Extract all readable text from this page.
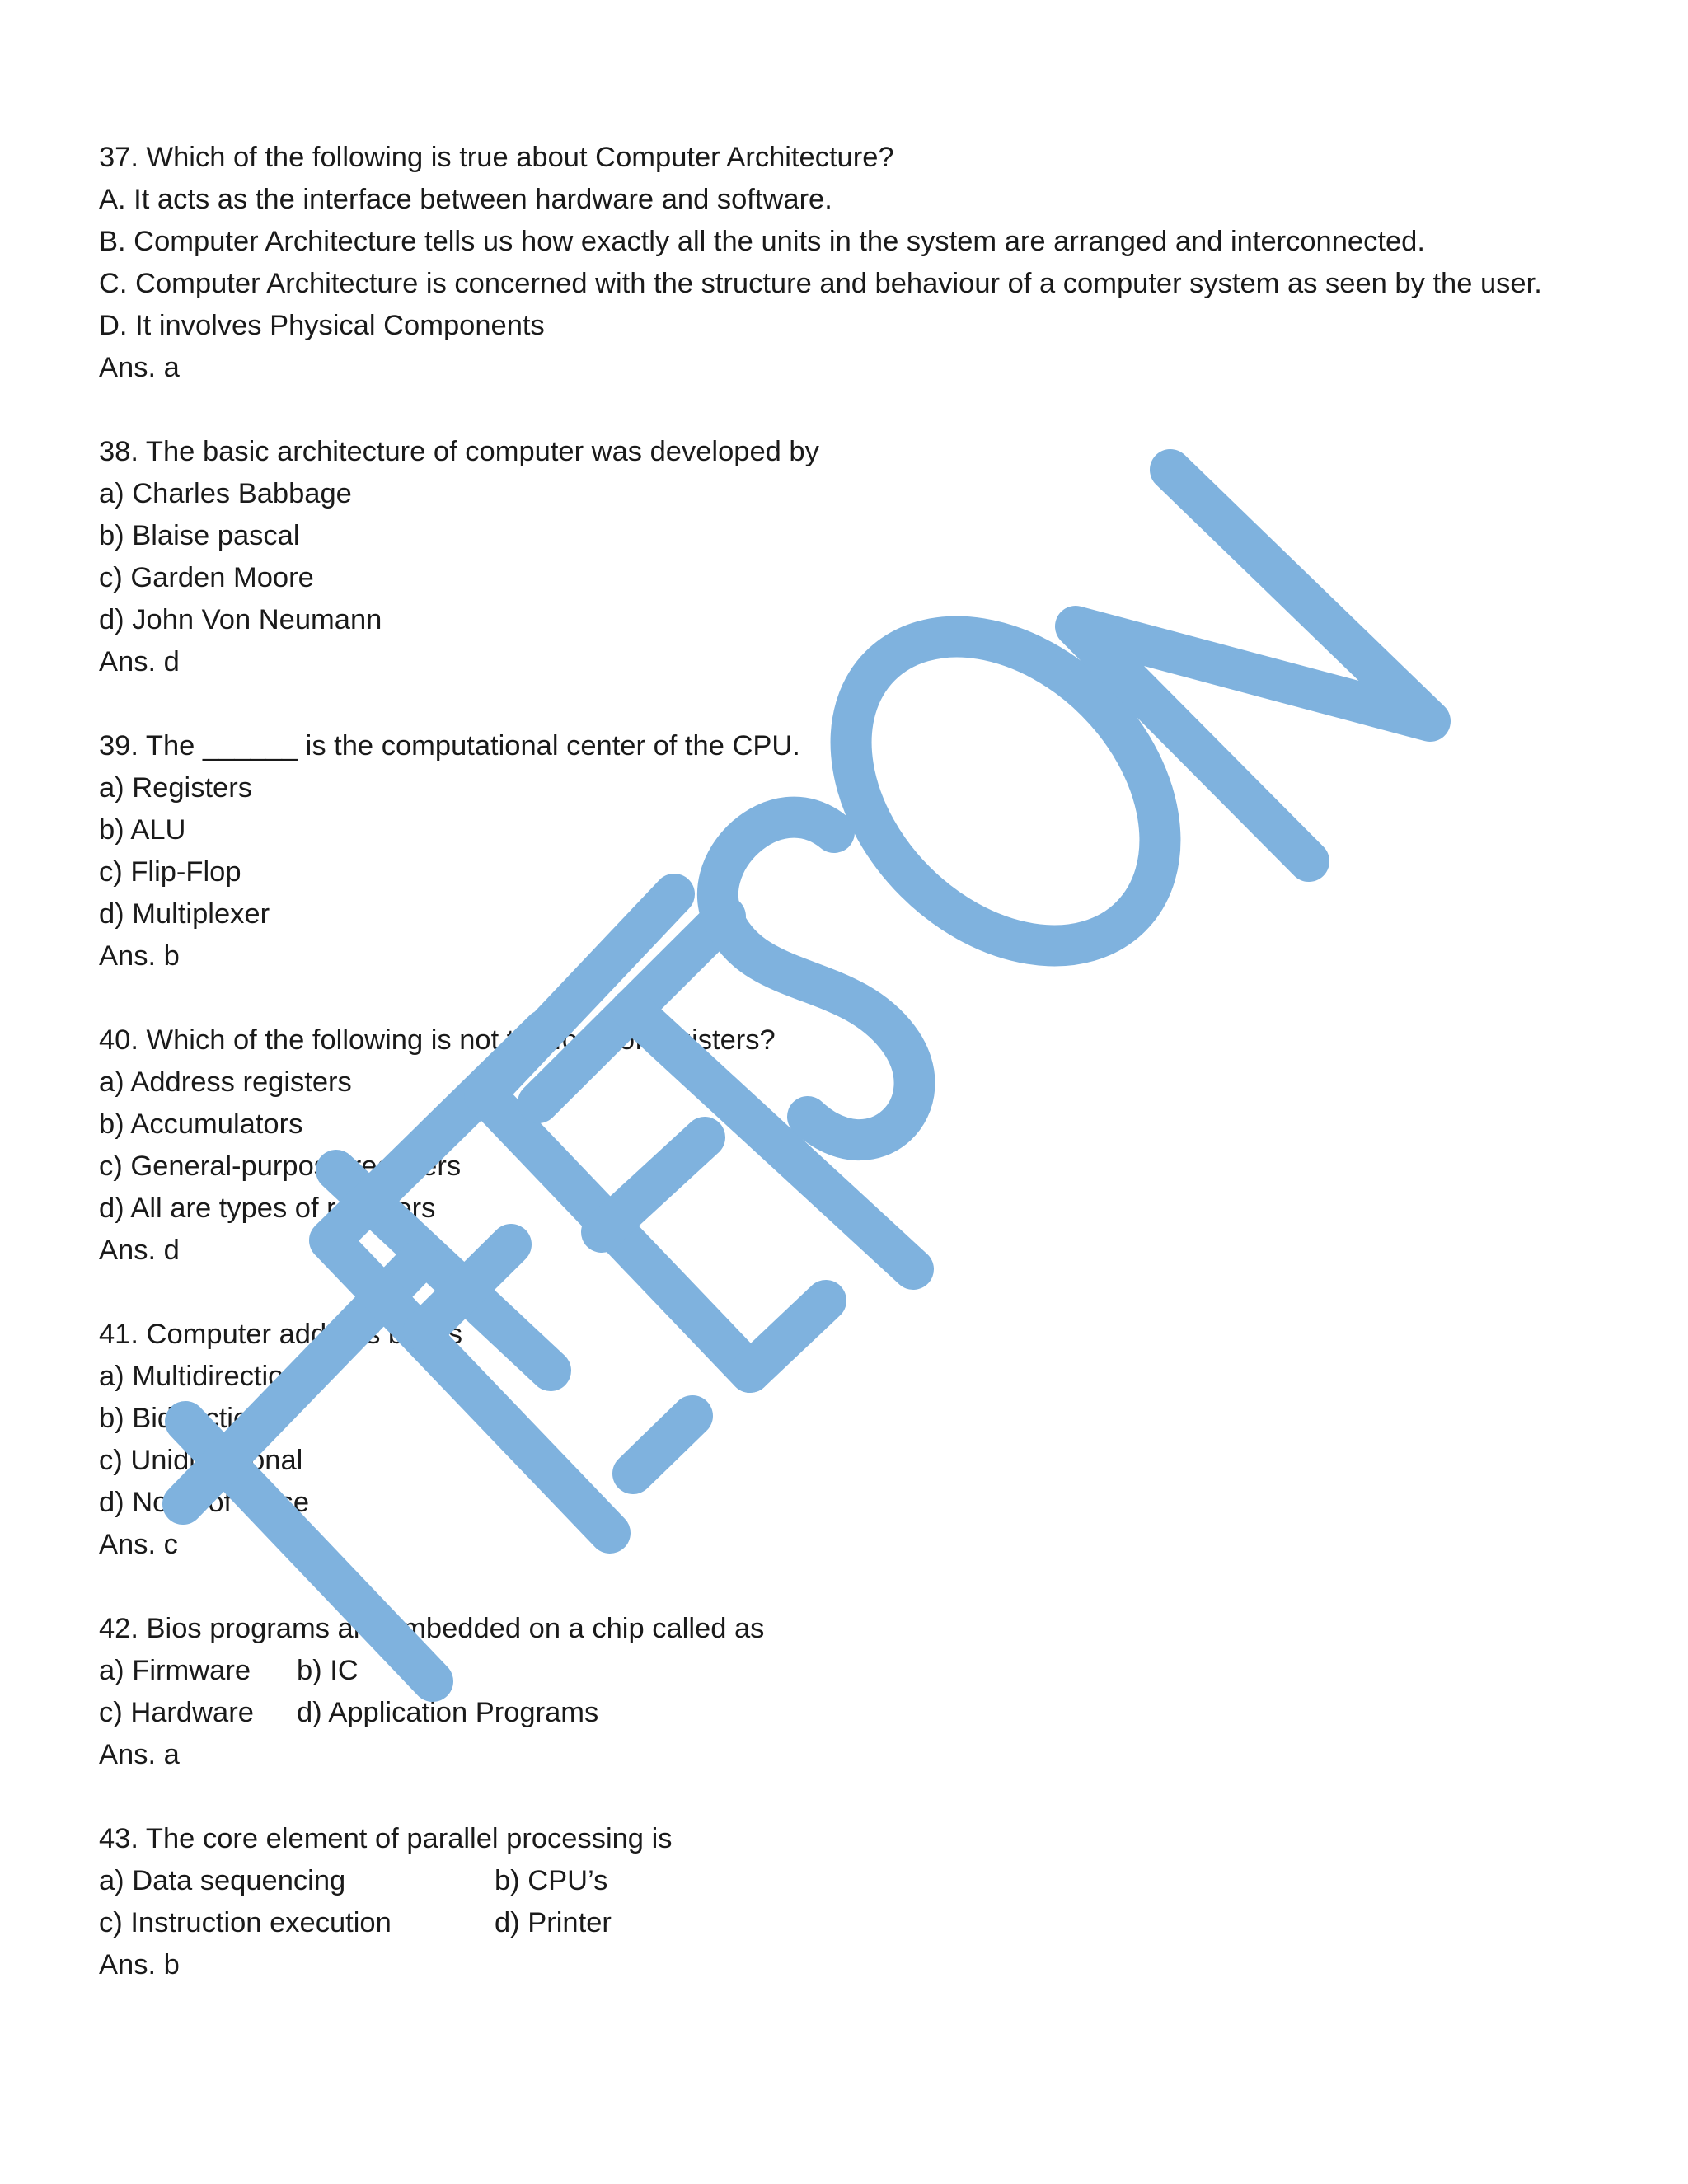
37. Which of the following is true about Computer Architecture?
A. It acts as the interface between hardware and software.
B. Computer Architecture tells us how exactly all the units in the system are arranged and interconnected.
C. Computer Architecture is concerned with the structure and behaviour of a computer system as seen by the user.
D. It involves Physical Components
Ans. a
38. The basic architecture of computer was developed by
a) Charles Babbage
b) Blaise pascal
c) Garden Moore
d) John Von Neumann
Ans. d
39. The ______ is the computational center of the CPU.
a) Registers
b) ALU
c) Flip-Flop
d) Multiplexer
Ans. b
40. Which of the following is not the form of registers?
a) Address registers
b) Accumulators
c) General-purpose registers
d) All are types of registers
Ans. d
41. Computer address bus is
a) Multidirectional
b) Bidirectional
c) Unidirectional
d) None of these
Ans. c
42. Bios programs are embedded on a chip called as
a) Firmware b) IC
c) Hardware d) Application Programs
Ans. a
43. The core element of parallel processing is
a) Data sequencing	b) CPU’s
c) Instruction execution	d) Printer
Ans. b
